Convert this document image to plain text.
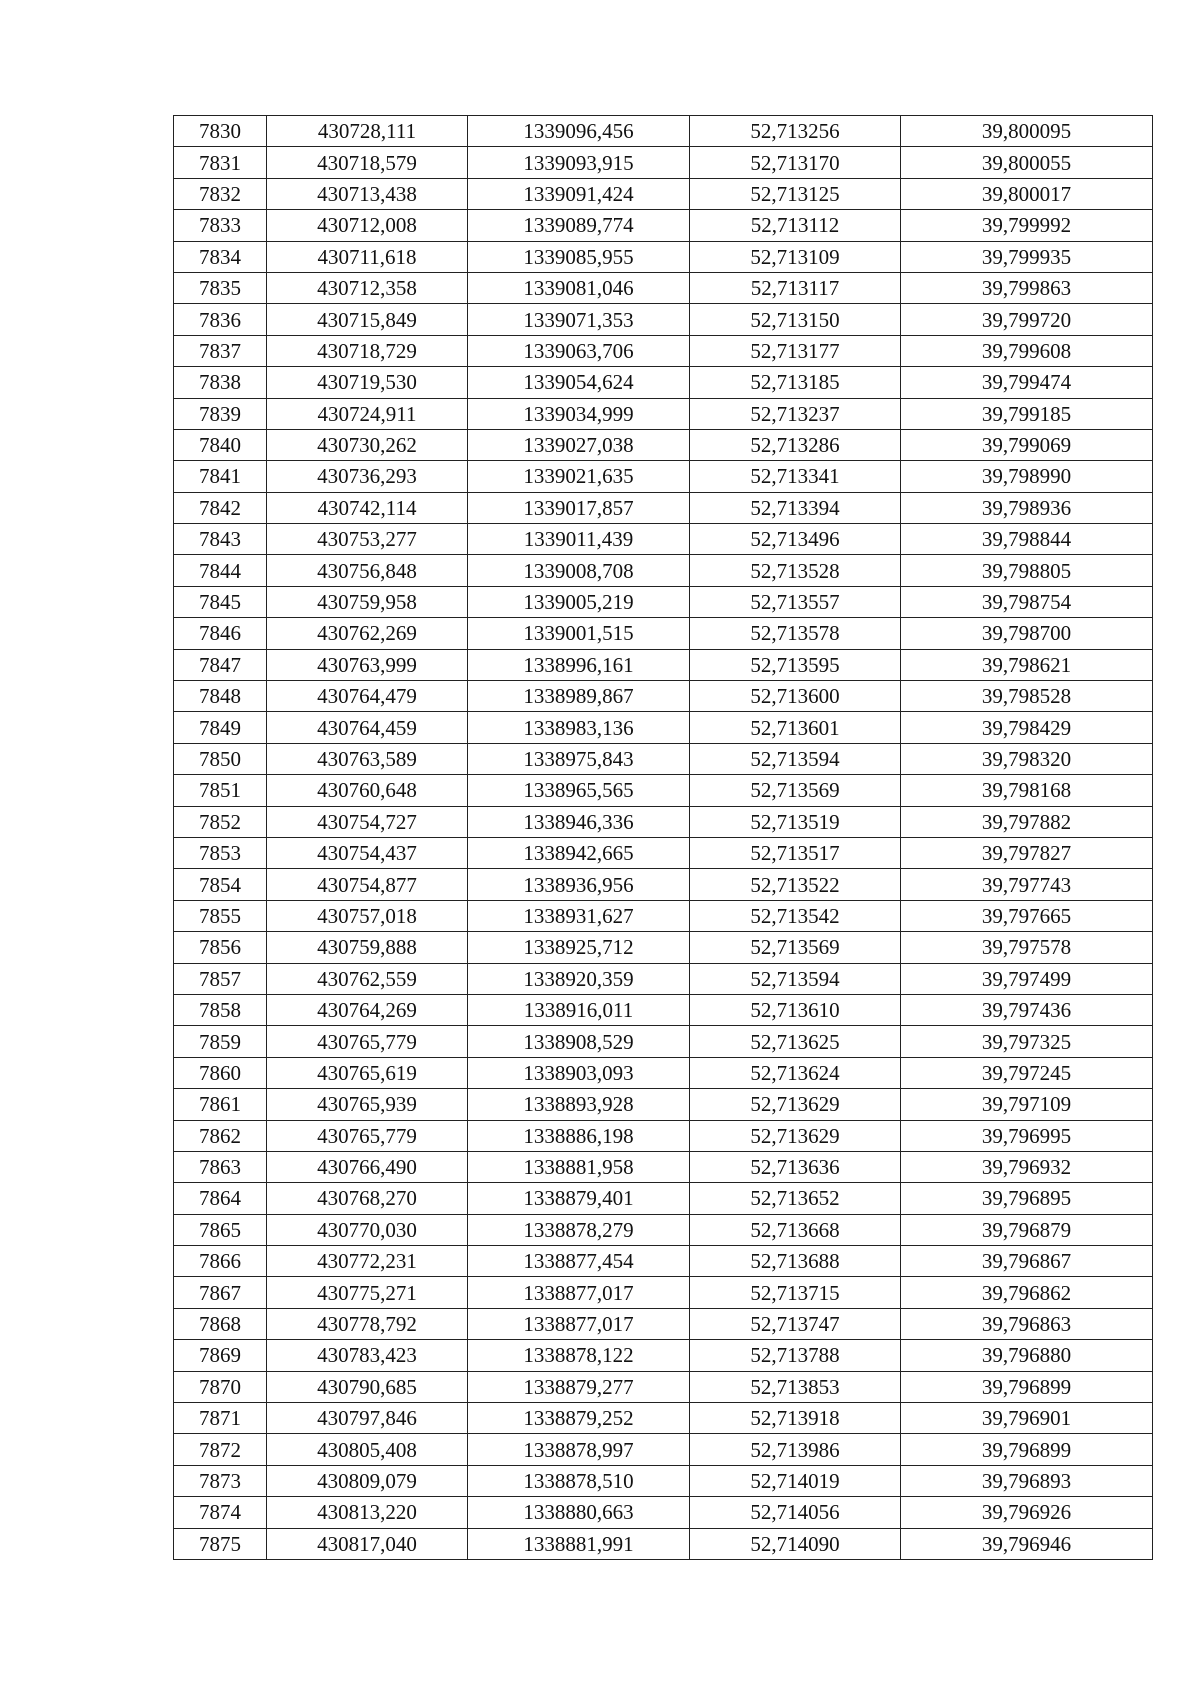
7830	430728,111	1339096,456	52,713256	39,800095
7831	430718,579	1339093,915	52,713170	39,800055
7832	430713,438	1339091,424	52,713125	39,800017
7833	430712,008	1339089,774	52,713112	39,799992
7834	430711,618	1339085,955	52,713109	39,799935
7835	430712,358	1339081,046	52,713117	39,799863
7836	430715,849	1339071,353	52,713150	39,799720
7837	430718,729	1339063,706	52,713177	39,799608
7838	430719,530	1339054,624	52,713185	39,799474
7839	430724,911	1339034,999	52,713237	39,799185
7840	430730,262	1339027,038	52,713286	39,799069
7841	430736,293	1339021,635	52,713341	39,798990
7842	430742,114	1339017,857	52,713394	39,798936
7843	430753,277	1339011,439	52,713496	39,798844
7844	430756,848	1339008,708	52,713528	39,798805
7845	430759,958	1339005,219	52,713557	39,798754
7846	430762,269	1339001,515	52,713578	39,798700
7847	430763,999	1338996,161	52,713595	39,798621
7848	430764,479	1338989,867	52,713600	39,798528
7849	430764,459	1338983,136	52,713601	39,798429
7850	430763,589	1338975,843	52,713594	39,798320
7851	430760,648	1338965,565	52,713569	39,798168
7852	430754,727	1338946,336	52,713519	39,797882
7853	430754,437	1338942,665	52,713517	39,797827
7854	430754,877	1338936,956	52,713522	39,797743
7855	430757,018	1338931,627	52,713542	39,797665
7856	430759,888	1338925,712	52,713569	39,797578
7857	430762,559	1338920,359	52,713594	39,797499
7858	430764,269	1338916,011	52,713610	39,797436
7859	430765,779	1338908,529	52,713625	39,797325
7860	430765,619	1338903,093	52,713624	39,797245
7861	430765,939	1338893,928	52,713629	39,797109
7862	430765,779	1338886,198	52,713629	39,796995
7863	430766,490	1338881,958	52,713636	39,796932
7864	430768,270	1338879,401	52,713652	39,796895
7865	430770,030	1338878,279	52,713668	39,796879
7866	430772,231	1338877,454	52,713688	39,796867
7867	430775,271	1338877,017	52,713715	39,796862
7868	430778,792	1338877,017	52,713747	39,796863
7869	430783,423	1338878,122	52,713788	39,796880
7870	430790,685	1338879,277	52,713853	39,796899
7871	430797,846	1338879,252	52,713918	39,796901
7872	430805,408	1338878,997	52,713986	39,796899
7873	430809,079	1338878,510	52,714019	39,796893
7874	430813,220	1338880,663	52,714056	39,796926
7875	430817,040	1338881,991	52,714090	39,796946
